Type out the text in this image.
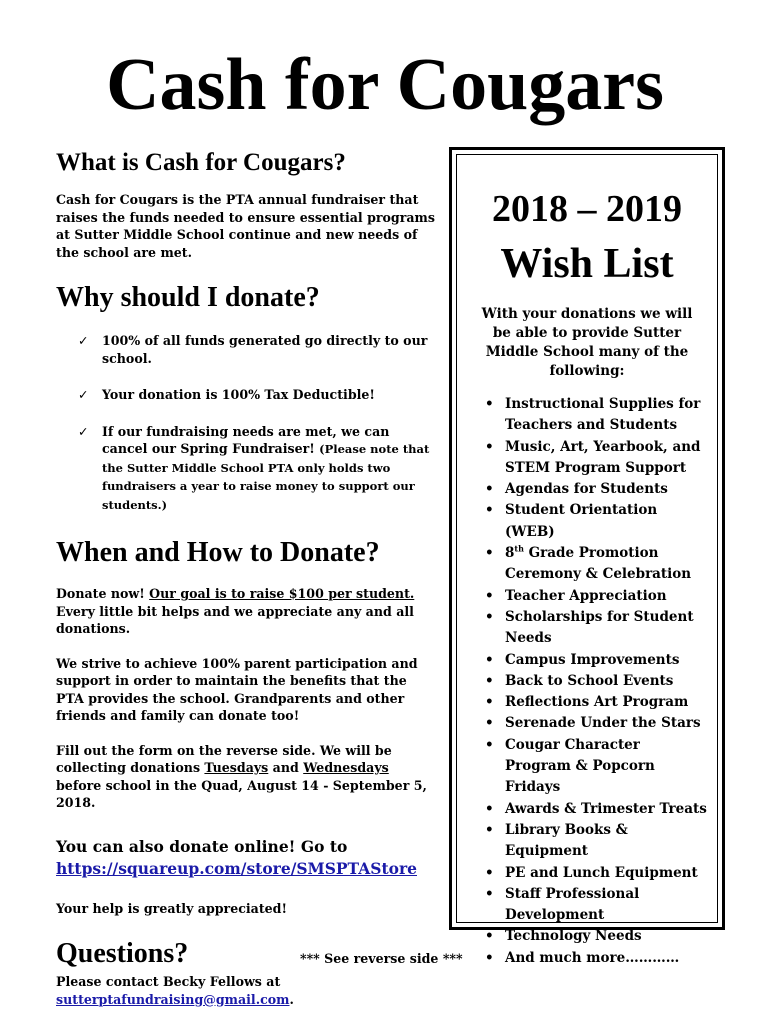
Cash for Cougars
What is Cash for Cougars?

Cash for Cougars is the PTA annual fundraiser that raises the funds needed to ensure essential programs at Sutter Middle School continue and new needs of the school are met.

Why should I donate?
✓ 100% of all funds generated go directly to our school.
✓ Your donation is 100% Tax Deductible!
✓ If our fundraising needs are met, we can cancel our Spring Fundraiser! (Please note that the Sutter Middle School PTA only holds two fundraisers a year to raise money to support our students.)
When and How to Donate?

Donate now! Our goal is to raise $100 per student. Every little bit helps and we appreciate any and all donations.

We strive to achieve 100% parent participation and support in order to maintain the benefits that the PTA provides the school. Grandparents and other friends and family can donate too!

Fill out the form on the reverse side. We will be collecting donations Tuesdays and Wednesdays before school in the Quad, August 14 - September 5, 2018.

You can also donate online! Go to
https://squareup.com/store/SMSPTAStore

Your help is greatly appreciated!

Questions?

Please contact Becky Fellows at

sutterptafundraising@gmail.com.

2018 – 2019
Wish List
With your donations we will be able to provide Sutter Middle School many of the following:
• Instructional Supplies for Teachers and Students
• Music, Art, Yearbook, and STEM Program Support
• Agendas for Students
• Student Orientation (WEB)
• 8th Grade Promotion Ceremony & Celebration
• Teacher Appreciation
• Scholarships for Student Needs
• Campus Improvements
• Back to School Events
• Reflections Art Program
• Serenade Under the Stars
• Cougar Character Program & Popcorn Fridays
• Awards & Trimester Treats
• Library Books & Equipment
• PE and Lunch Equipment
• Staff Professional Development
• Technology Needs
• And much more…………
*** See reverse side ***
